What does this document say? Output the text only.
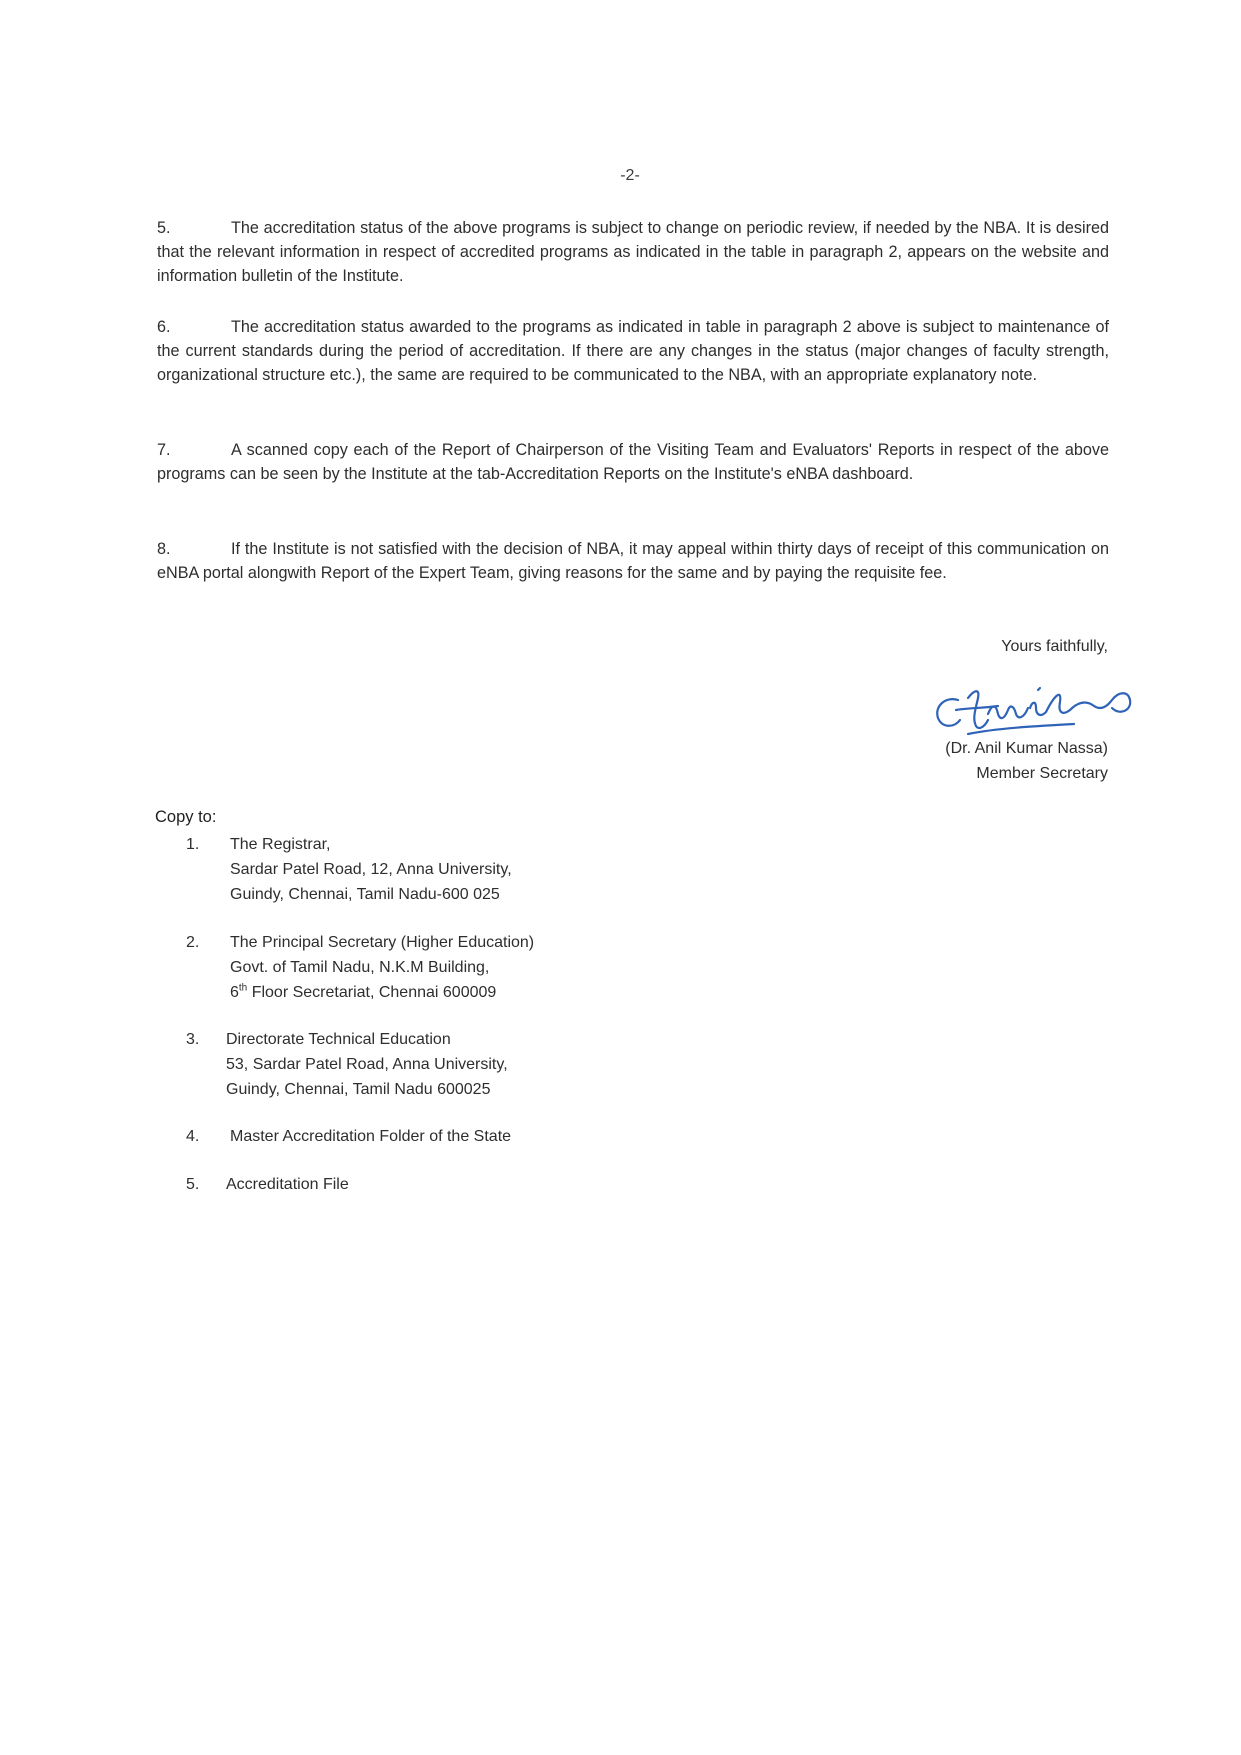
-2-
5.	The accreditation status of the above programs is subject to change on periodic review, if needed by the NBA. It is desired that the relevant information in respect of accredited programs as indicated in the table in paragraph 2, appears on the website and information bulletin of the Institute.
6.	The accreditation status awarded to the programs as indicated in table in paragraph 2 above is subject to maintenance of the current standards during the period of accreditation. If there are any changes in the status (major changes of faculty strength, organizational structure etc.), the same are required to be communicated to the NBA, with an appropriate explanatory note.
7.	A scanned copy each of the Report of Chairperson of the Visiting Team and Evaluators' Reports in respect of the above programs can be seen by the Institute at the tab-Accreditation Reports on the Institute's eNBA dashboard.
8.	If the Institute is not satisfied with the decision of NBA, it may appeal within thirty days of receipt of this communication on eNBA portal alongwith Report of the Expert Team, giving reasons for the same and by paying the requisite fee.
Yours faithfully,
(Dr. Anil Kumar Nassa)
Member Secretary
Copy to:
1. The Registrar,
Sardar Patel Road, 12, Anna University,
Guindy, Chennai, Tamil Nadu-600 025
2. The Principal Secretary (Higher Education)
Govt. of Tamil Nadu, N.K.M Building,
6th Floor Secretariat, Chennai 600009
3. Directorate Technical Education
53, Sardar Patel Road, Anna University,
Guindy, Chennai, Tamil Nadu 600025
4. Master Accreditation Folder of the State
5. Accreditation File
